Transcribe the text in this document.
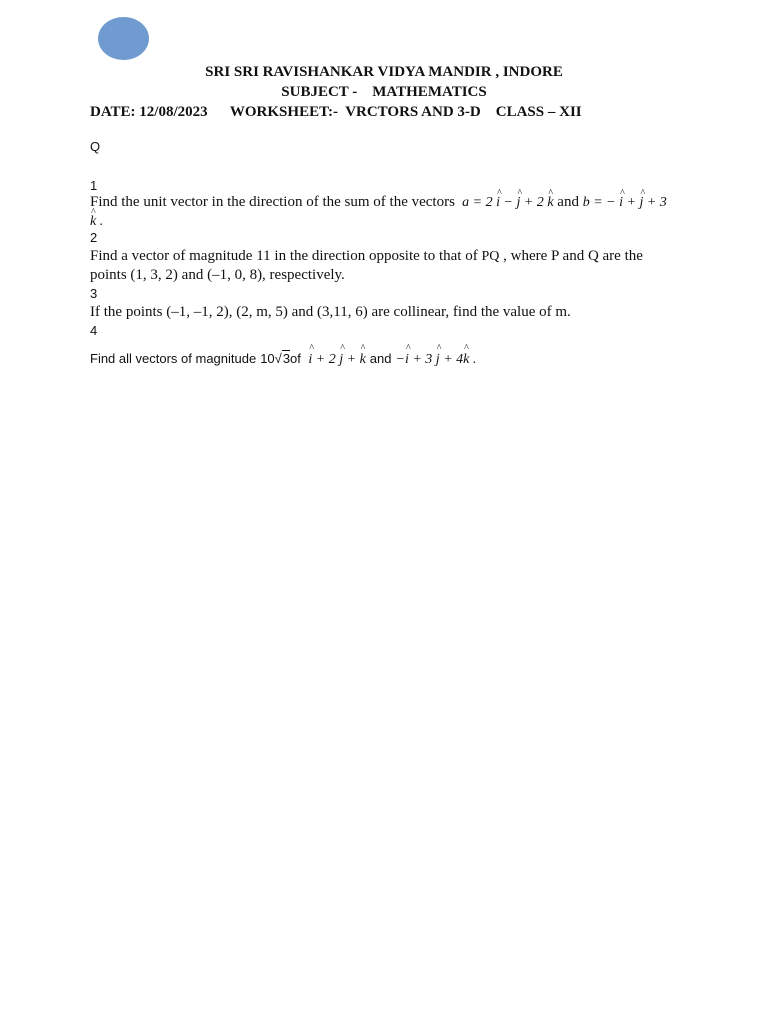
SRI SRI RAVISHANKAR VIDYA MANDIR , INDORE
SUBJECT -    MATHEMATICS
DATE: 12/08/2023 WORKSHEET:-  VRCTORS AND 3-D CLASS – XII
Q
1
Find the unit vector in the direction of the sum of the vectors  a = 2 ^ i − ^ j + 2 ^ k and b = − ^ i + ^ j + 3 ^ k .
2
Find a vector of magnitude 11 in the direction opposite to that of PQ , where P and Q are the points (1, 3, 2) and (–1, 0, 8), respectively.
3
If the points (–1, –1, 2), (2, m, 5) and (3,11, 6) are collinear, find the value of m.
4
Find all vectors of magnitude 10√3of  ^ i + 2 ^ j + ^ k and −^ i + 3 ^ j + 4^ k .
